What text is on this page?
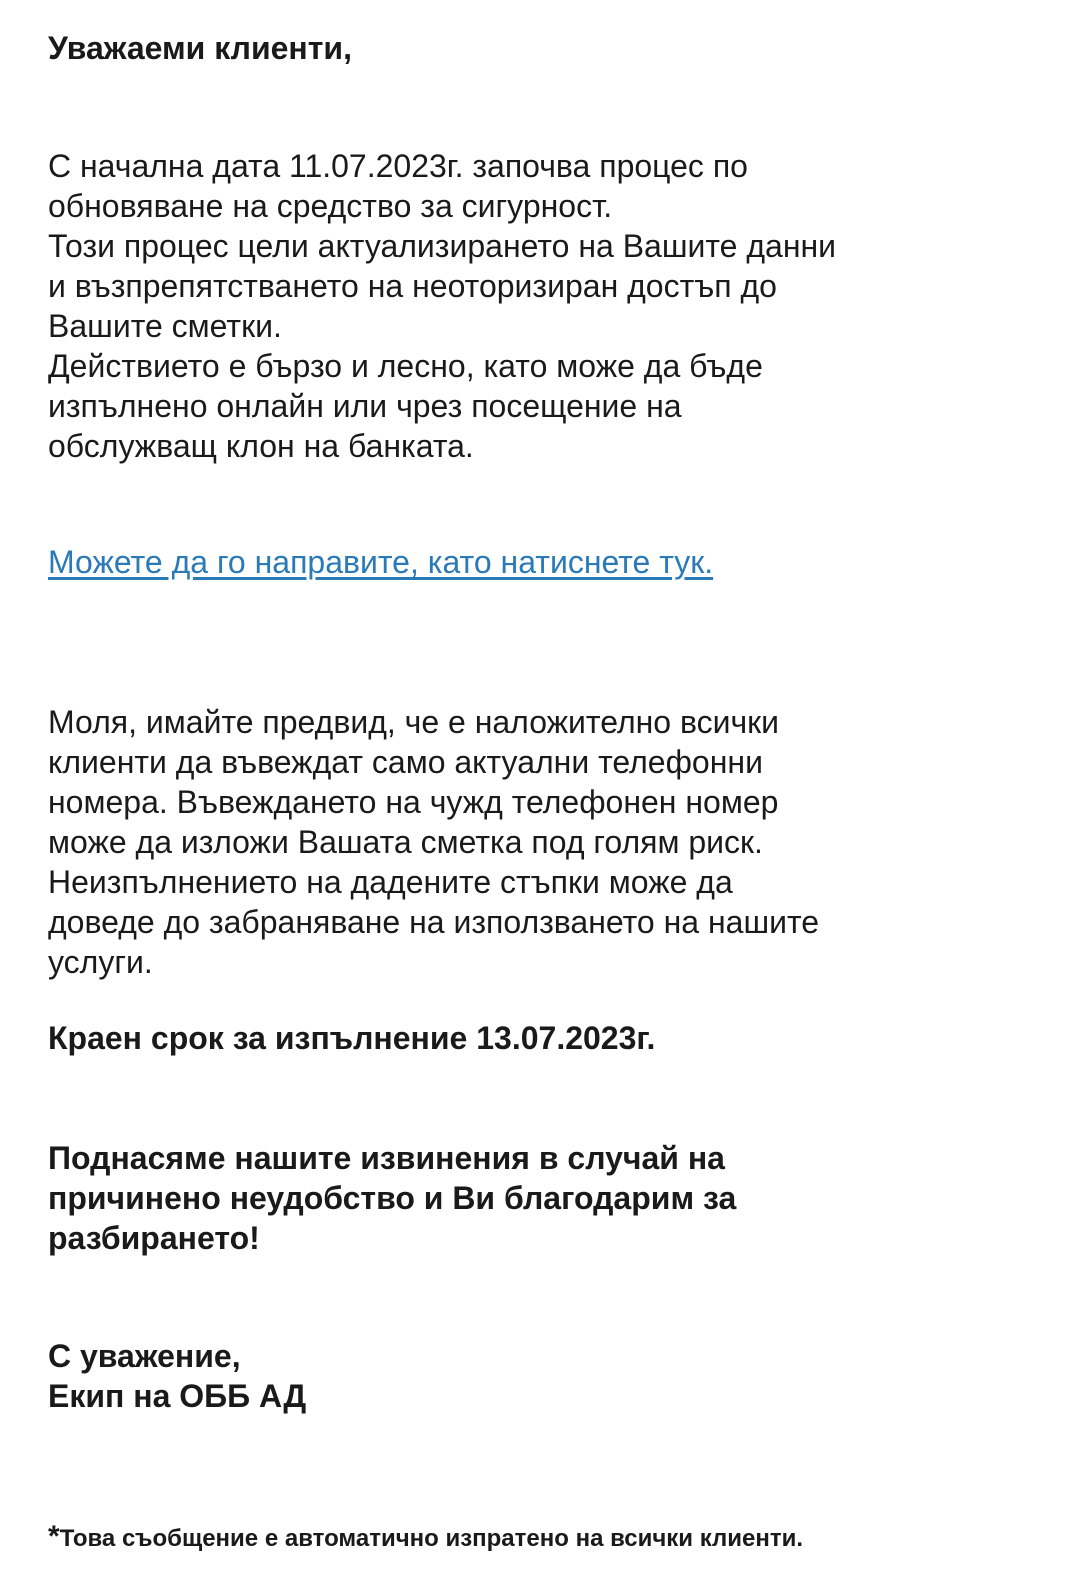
Уважаеми клиенти,

С начална дата 11.07.2023г. започва процес по

обновяване на средство за сигурност.

Този процес цели актуализирането на Вашите данни

и възпрепятстването на неоторизиран достъп до

Вашите сметки.

Действието е бързо и лесно, като може да бъде

изпълнено онлайн или чрез посещение на

обслужващ клон на банката.

Можете да го направите, като натиснете тук.

Моля, имайте предвид, че е наложително всички

клиенти да въвеждат само актуални телефонни

номера. Въвеждането на чужд телефонен номер

може да изложи Вашата сметка под голям риск.

Неизпълнението на дадените стъпки може да

доведе до забраняване на използването на нашите

услуги.

Краен срок за изпълнение 13.07.2023г.

Поднасяме нашите извинения в случай на

причинено неудобство и Ви благодарим за

разбирането!

С уважение,

Екип на ОББ АД

*Това съобщение е автоматично изпратено на всички клиенти.
